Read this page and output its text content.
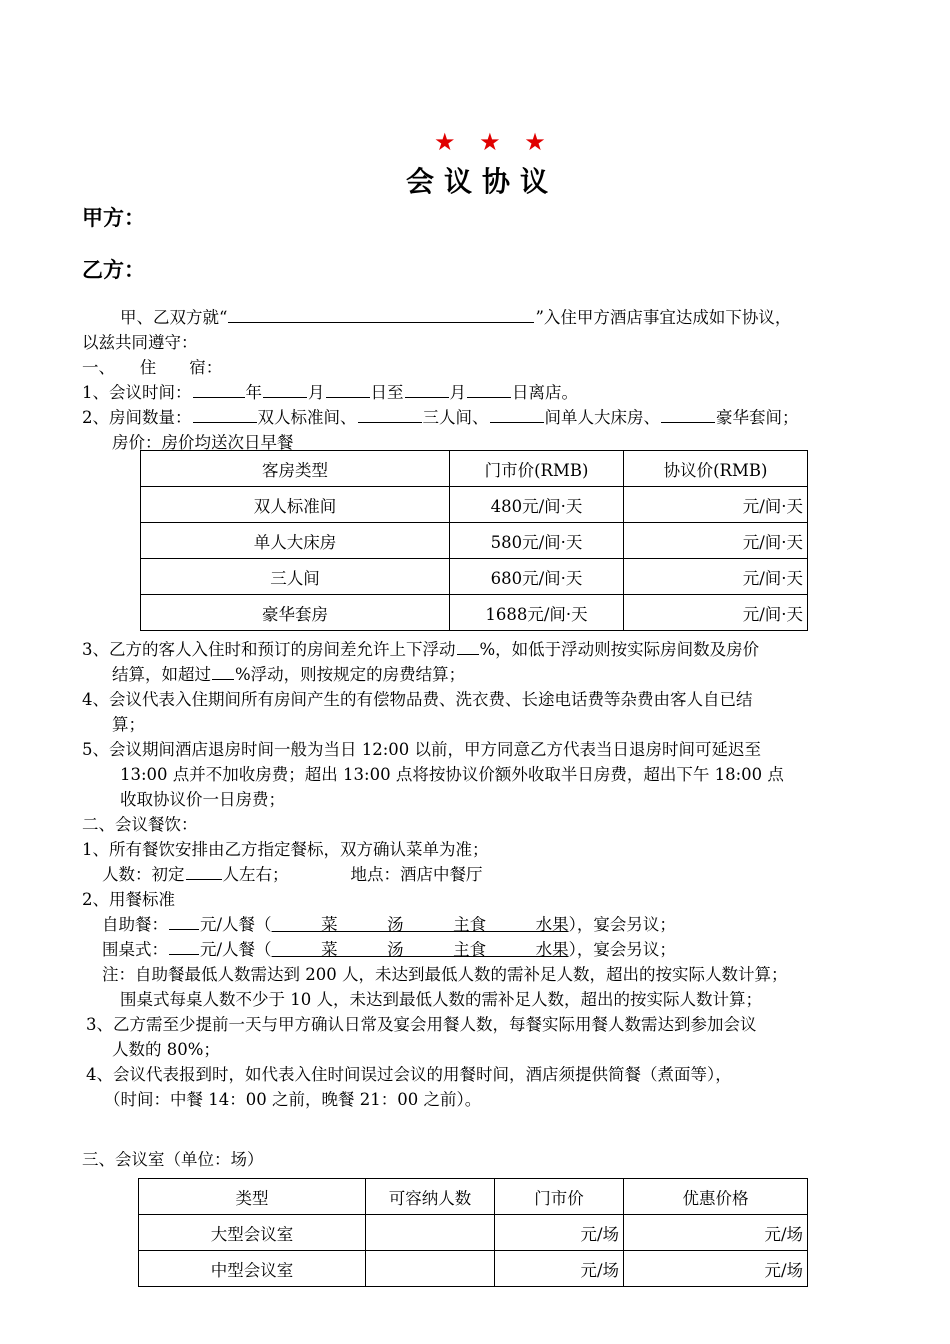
★ ★ ★
会议协议
甲方：
乙方：
甲、乙双方就“	”入住甲方酒店事宜达成如下协议，
以兹共同遵守：
一、　　住　　宿：
1、会议时间：	年	月	日至	月	日离店。
2、房间数量：	双人标准间、	三人间、	间单人大床房、	豪华套间；
房价：房价均送次日早餐
客房类型	门市价(RMB)	协议价(RMB)
双人标准间	480元/间·天	元/间·天
单人大床房	580元/间·天	元/间·天
三人间	680元/间·天	元/间·天
豪华套房	1688元/间·天	元/间·天
3、乙方的客人入住时和预订的房间差允许上下浮动 %，如低于浮动则按实际房间数及房价
结算，如超过 %浮动，则按规定的房费结算；
4、会议代表入住期间所有房间产生的有偿物品费、洗衣费、长途电话费等杂费由客人自已结
算；
5、会议期间酒店退房时间一般为当日 12:00 以前，甲方同意乙方代表当日退房时间可延迟至
13:00 点并不加收房费；超出 13:00 点将按协议价额外收取半日房费，超出下午 18:00 点
收取协议价一日房费；
二、会议餐饮：
1、所有餐饮安排由乙方指定餐标，双方确认菜单为准；
人数：初定 人左右；	地点：酒店中餐厅
2、用餐标准
自助餐： 元/人餐（　　　菜　　　汤　　　主食　　　水果），宴会另议；
围桌式： 元/人餐（　　　菜　　　汤　　　主食　　　水果），宴会另议；
注：自助餐最低人数需达到 200 人，未达到最低人数的需补足人数，超出的按实际人数计算；
围桌式每桌人数不少于 10 人，未达到最低人数的需补足人数，超出的按实际人数计算；
3、乙方需至少提前一天与甲方确认日常及宴会用餐人数，每餐实际用餐人数需达到参加会议
人数的 80%；
4、会议代表报到时，如代表入住时间误过会议的用餐时间，酒店须提供简餐（煮面等），
（时间：中餐 14：00 之前，晚餐 21：00 之前）。
三、会议室（单位：场）
类型	可容纳人数	门市价	优惠价格
大型会议室		元/场	元/场
中型会议室		元/场	元/场
